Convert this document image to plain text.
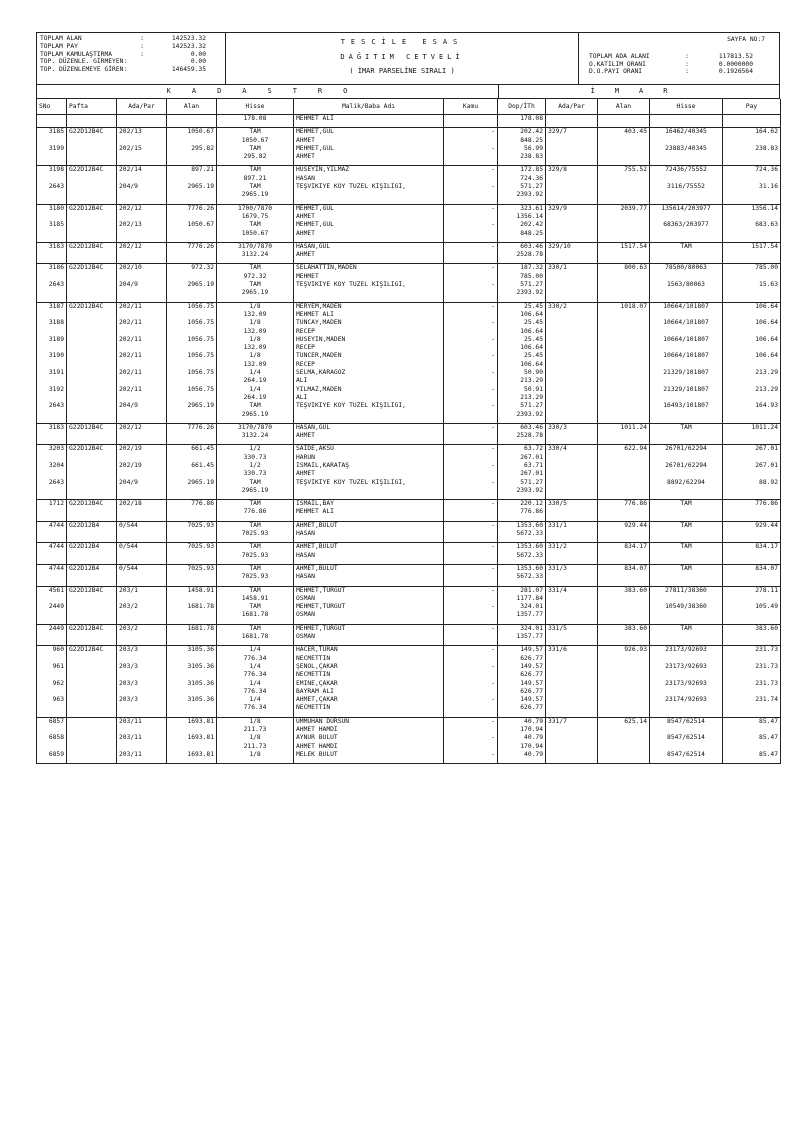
TOPLAM ALAN	:	142523.32
TOPLAM PAY	:	142523.32
TOPLAM KAMULAŞTIRMA	:	0.00
TOP. DÜZENLE. GİRMEYEN:	0.00
TOP. DÜZENLEMEYE GİREN:	146459.35
TESCİLE ESAS
DAĞITIM CETVELİ
( İMAR PARSELİNE SIRALI )
SAYFA NO:7
TOPLAM ADA ALANI	:	117813.52
O.KATILIM ORANI	:	0.0000000
D.O.PAYI ORANI	:	0.1926564
KADASTRO	İMAR
SNo	Pafta	Ada/Par	Alan	Hisse	Malik/Baba Adı	Kamu	Dop/İTh	Ada/Par	Alan	Hisse	Pay
				178.08	MEHMET ALİ		178.08				

3185	G22D12B4C	202/13	1050.67	TAM	MEHMET,GÜL	-	202.42	329/7	403.45	16462/40345	164.62
				1050.67	AHMET		848.25				
3199		202/15	295.82	TAM	MEHMET,GÜL	-	56.99			23883/40345	238.83
				295.82	AHMET		238.83				

3198	G22D12B4C	202/14	897.21	TAM	HÜSEYİN,YILMAZ	-	172.85	329/8	755.52	72436/75552	724.36
				897.21	HASAN		724.36				
2643		204/9	2965.19	TAM	TEŞVİKİYE KÖY TÜZEL KİŞİLİĞİ,	-	571.27			3116/75552	31.16
				2965.19			2393.92				

3180	G22D12B4C	202/12	7776.26	1700/7870	MEHMET,GÜL	-	323.61	329/9	2039.77	135614/203977	1356.14
				1679.75	AHMET		1356.14				
3185		202/13	1050.67	TAM	MEHMET,GÜL	-	202.42			68363/203977	683.63
				1050.67	AHMET		848.25				

3183	G22D12B4C	202/12	7776.26	3170/7870	HASAN,GÜL	-	603.46	329/10	1517.54	TAM	1517.54
				3132.24	AHMET		2528.78				

3186	G22D12B4C	202/10	972.32	TAM	SELAHATTİN,MADEN	-	187.32	330/1	800.63	78500/80063	785.00
				972.32	MEHMET		785.00				
2643		204/9	2965.19	TAM	TEŞVİKİYE KÖY TÜZEL KİŞİLİĞİ,	-	571.27			1563/80063	15.63
				2965.19			2393.92				

3187	G22D12B4C	202/11	1056.75	1/8	MERYEM,MADEN	-	25.45	330/2	1018.07	10664/101807	106.64
				132.09	MEHMET ALİ		106.64				
3188		202/11	1056.75	1/8	TUNCAY,MADEN	-	25.45			10664/101807	106.64
				132.09	RECEP		106.64				
3189		202/11	1056.75	1/8	HÜSEYİN,MADEN	-	25.45			10664/101807	106.64
				132.09	RECEP		106.64				
3190		202/11	1056.75	1/8	TUNCER,MADEN	-	25.45			10664/101807	106.64
				132.09	RECEP		106.64				
3191		202/11	1056.75	1/4	SELMA,KARAGÖZ	-	50.90			21329/101807	213.29
				264.19	ALİ		213.29				
3192		202/11	1056.75	1/4	YILMAZ,MADEN	-	50.91			21329/101807	213.29
				264.19	ALİ		213.29				
2643		204/9	2965.19	TAM	TEŞVİKİYE KÖY TÜZEL KİŞİLİĞİ,	-	571.27			16493/101807	164.93
				2965.19			2393.92				

3183	G22D12B4C	202/12	7776.26	3170/7870	HASAN,GÜL	-	603.46	330/3	1011.24	TAM	1011.24
				3132.24	AHMET		2528.78				

3203	G22D12B4C	202/19	661.45	1/2	SAİDE,AKSU	-	63.72	330/4	622.94	26701/62294	267.01
				330.73	HARUN		267.01				
3204		202/19	661.45	1/2	İSMAİL,KARATAŞ	-	63.71			26701/62294	267.01
				330.73	AHMET		267.01				
2643		204/9	2965.19	TAM	TEŞVİKİYE KÖY TÜZEL KİŞİLİĞİ,	-	571.27			8892/62294	88.92
				2965.19			2393.92				

1712	G22D12B4C	202/18	776.86	TAM	İSMAİL,BAY	-	220.12	330/5	776.86	TAM	776.86
				776.86	MEHMET ALİ		776.86				

4744	G22D12B4	0/544	7025.93	TAM	AHMET,BULUT	-	1353.60	331/1	929.44	TAM	929.44
				7025.93	HASAN		5672.33				

4744	G22D12B4	0/544	7025.93	TAM	AHMET,BULUT	-	1353.60	331/2	834.17	TAM	834.17
				7025.93	HASAN		5672.33				

4744	G22D12B4	0/544	7025.93	TAM	AHMET,BULUT	-	1353.60	331/3	834.07	TAM	834.07
				7025.93	HASAN		5672.33				

4561	G22D12B4C	203/1	1458.91	TAM	MEHMET,TURGUT	-	281.07	331/4	383.60	27811/38360	278.11
				1458.91	OSMAN		1177.84				
2449		203/2	1681.78	TAM	MEHMET,TURGUT	-	324.01			10549/38360	105.49
				1681.78	OSMAN		1357.77				

2449	G22D12B4C	203/2	1681.78	TAM	MEHMET,TURGUT	-	324.01	331/5	383.60	TAM	383.60
				1681.78	OSMAN		1357.77				

960	G22D12B4C	203/3	3105.36	1/4	HACER,TURAN	-	149.57	331/6	926.93	23173/92693	231.73
				776.34	NECMETTİN		626.77				
961		203/3	3105.36	1/4	ŞENOL,ÇAKAR	-	149.57			23173/92693	231.73
				776.34	NECMETTİN		626.77				
962		203/3	3105.36	1/4	EMİNE,ÇAKAR	-	149.57			23173/92693	231.73
				776.34	BAYRAM ALİ		626.77				
963		203/3	3105.36	1/4	AHMET,ÇAKAR	-	149.57			23174/92693	231.74
				776.34	NECMETTİN		626.77				

6857		203/11	1693.81	1/8	ÜMMÜHAN DURSUN	-	40.79	331/7	625.14	8547/62514	85.47
				211.73	AHMET HAMDİ		170.94				
6858		203/11	1693.81	1/8	AYNUR BULUT	-	40.79			8547/62514	85.47
				211.73	AHMET HAMDİ		170.94				
6859		203/11	1693.81	1/8	MELEK BULUT	-	40.79			8547/62514	85.47
